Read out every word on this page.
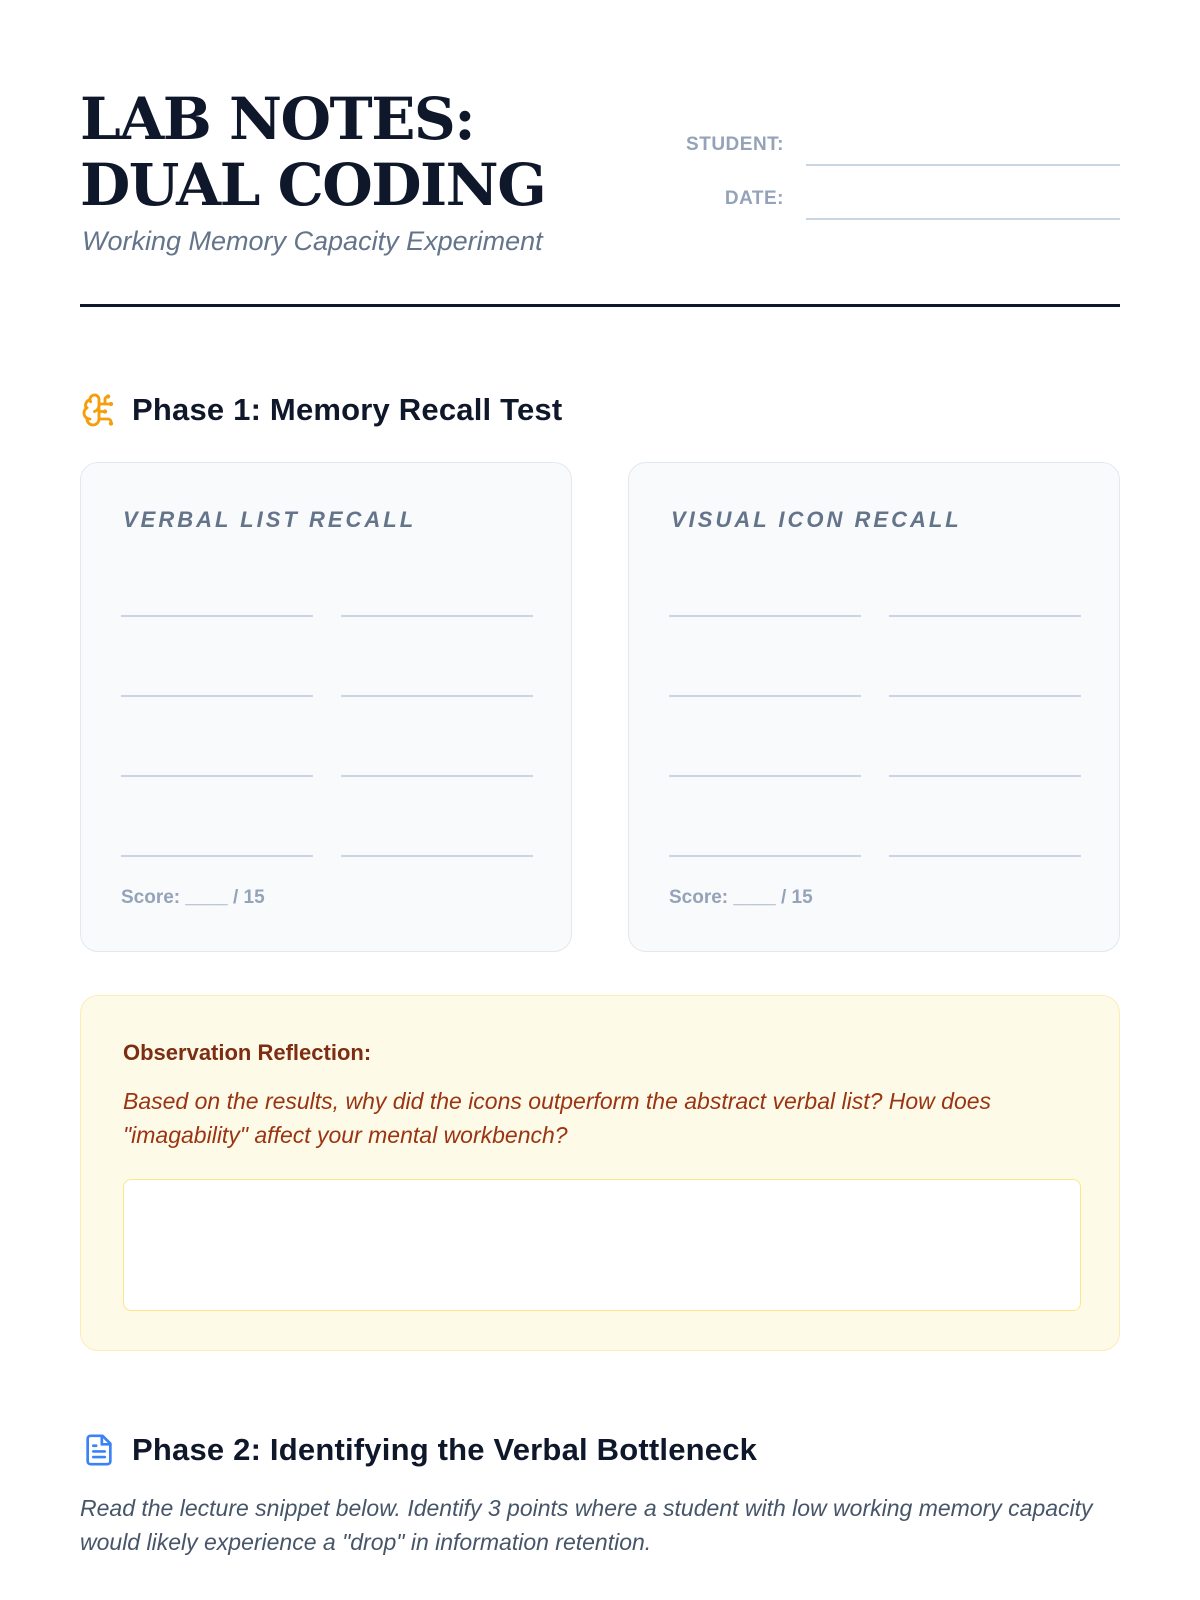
LAB NOTES: DUAL CODING
Working Memory Capacity Experiment
STUDENT:
DATE:
Phase 1: Memory Recall Test
VERBAL LIST RECALL
Score: ____ / 15
VISUAL ICON RECALL
Score: ____ / 15
Observation Reflection:
Based on the results, why did the icons outperform the abstract verbal list? How does "imagability" affect your mental workbench?
Phase 2: Identifying the Verbal Bottleneck
Read the lecture snippet below. Identify 3 points where a student with low working memory capacity would likely experience a "drop" in information retention.
